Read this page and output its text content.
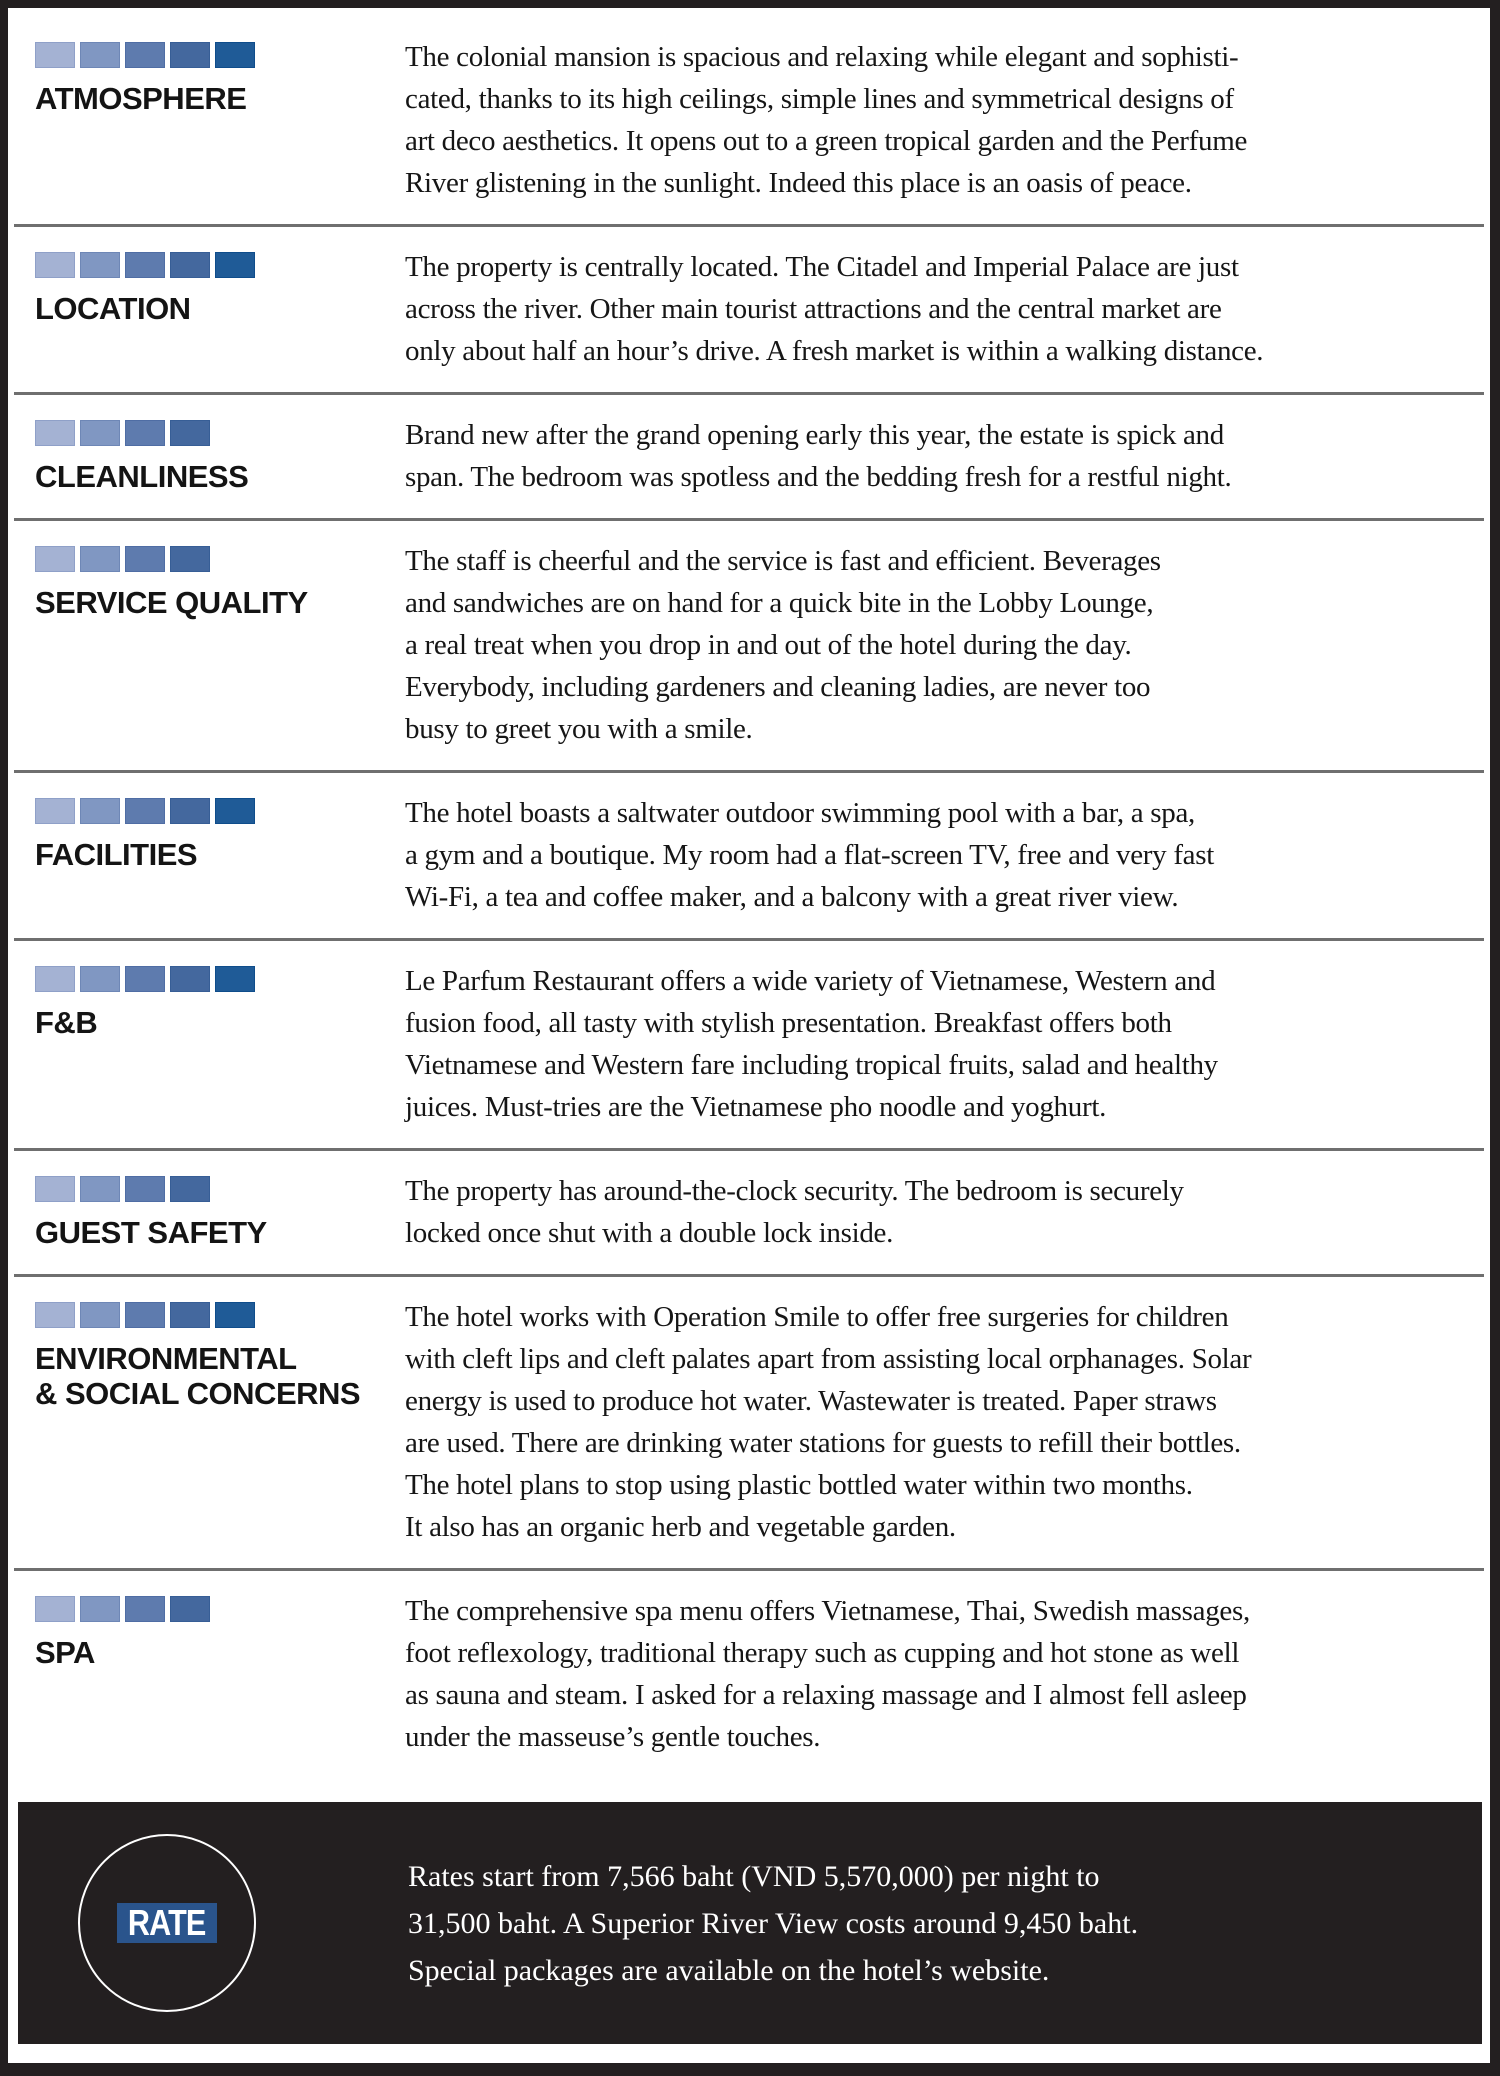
ATMOSPHERE

The colonial mansion is spacious and relaxing while elegant and sophisti-
cated, thanks to its high ceilings, simple lines and symmetrical designs of
art deco aesthetics. It opens out to a green tropical garden and the Perfume
River glistening in the sunlight. Indeed this place is an oasis of peace.

LOCATION

The property is centrally located. The Citadel and Imperial Palace are just
across the river. Other main tourist attractions and the central market are
only about half an hour’s drive. A fresh market is within a walking distance.

CLEANLINESS

Brand new after the grand opening early this year, the estate is spick and
span. The bedroom was spotless and the bedding fresh for a restful night.

SERVICE QUALITY

The staff is cheerful and the service is fast and efficient. Beverages
and sandwiches are on hand for a quick bite in the Lobby Lounge,
a real treat when you drop in and out of the hotel during the day.
Everybody, including gardeners and cleaning ladies, are never too
busy to greet you with a smile.

FACILITIES

The hotel boasts a saltwater outdoor swimming pool with a bar, a spa,
a gym and a boutique. My room had a flat-screen TV, free and very fast
Wi-Fi, a tea and coffee maker, and a balcony with a great river view.

F&B

Le Parfum Restaurant offers a wide variety of Vietnamese, Western and
fusion food, all tasty with stylish presentation. Breakfast offers both
Vietnamese and Western fare including tropical fruits, salad and healthy
juices. Must-tries are the Vietnamese pho noodle and yoghurt.

GUEST SAFETY

The property has around-the-clock security. The bedroom is securely
locked once shut with a double lock inside.

ENVIRONMENTAL
& SOCIAL CONCERNS

The hotel works with Operation Smile to offer free surgeries for children
with cleft lips and cleft palates apart from assisting local orphanages. Solar
energy is used to produce hot water. Wastewater is treated. Paper straws
are used. There are drinking water stations for guests to refill their bottles.
The hotel plans to stop using plastic bottled water within two months.
It also has an organic herb and vegetable garden.

SPA

The comprehensive spa menu offers Vietnamese, Thai, Swedish massages,
foot reflexology, traditional therapy such as cupping and hot stone as well
as sauna and steam. I asked for a relaxing massage and I almost fell asleep
under the masseuse’s gentle touches.

RATE
Rates start from 7,566 baht (VND 5,570,000) per night to
31,500 baht. A Superior River View costs around 9,450 baht.
Special packages are available on the hotel’s website.
